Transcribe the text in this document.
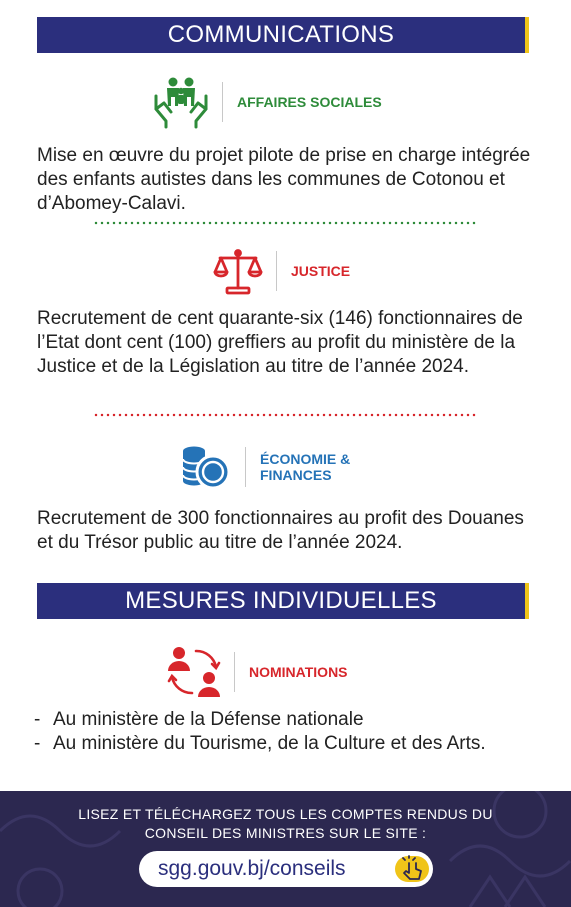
COMMUNICATIONS
AFFAIRES SOCIALES

Mise en œuvre du projet pilote de prise en charge intégrée des enfants autistes dans les communes de Cotonou et d’Abomey-Calavi.

JUSTICE

Recrutement de cent quarante-six (146) fonctionnaires de l’Etat dont cent (100) greffiers au profit du ministère de la Justice et de la Législation au titre de l’année 2024.

ÉCONOMIE & FINANCES

Recrutement de 300 fonctionnaires au profit des Douanes et du Trésor public au titre de l’année 2024.

MESURES INDIVIDUELLES
NOMINATIONS
- Au ministère de la Défense nationale
- Au ministère du Tourisme, de la Culture et des Arts.
LISEZ ET TÉLÉCHARGEZ TOUS LES COMPTES RENDUS DU
CONSEIL DES MINISTRES SUR LE SITE :
sgg.gouv.bj/conseils
